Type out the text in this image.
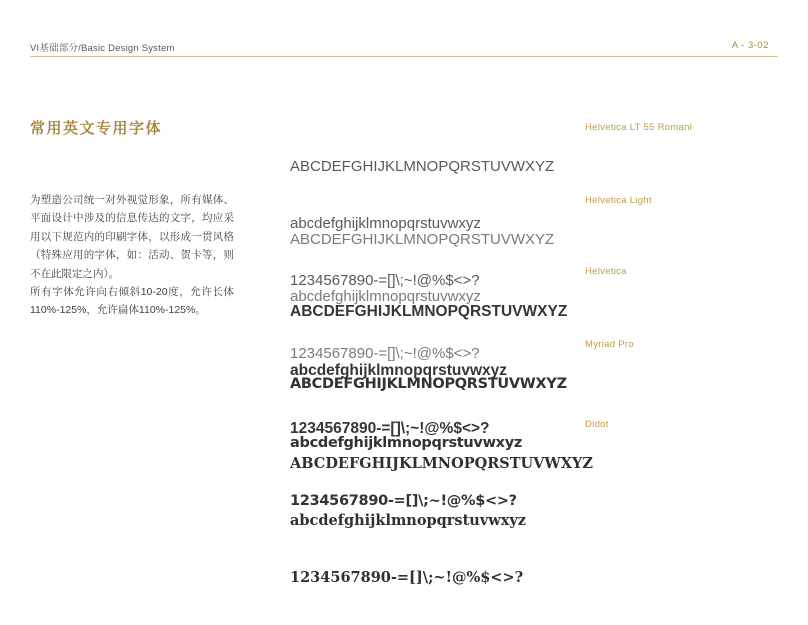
VI基础部分/Basic Design System	A - 3-02
常用英文专用字体

为塑造公司统一对外视觉形象，所有媒体、平面设计中涉及的信息传达的文字，均应采用以下规范内的印刷字体，以形成一贯风格（特殊应用的字体，如：活动、贺卡等，则不在此限定之内）。

所有字体允许向右倾斜10-20度，允许长体110%-125%，允许扁体110%-125%。

ABCDEFGHIJKLMNOPQRSTUVWXYZ

abcdefghijklmnopqrstuvwxyz

1234567890-=[]\;~!@%$<>?

Helvetica LT 55 Romanl

ABCDEFGHIJKLMNOPQRSTUVWXYZ

abcdefghijklmnopqrstuvwxyz

1234567890-=[]\;~!@%$<>?

Helvetica Light

ABCDEFGHIJKLMNOPQRSTUVWXYZ

abcdefghijklmnopqrstuvwxyz

1234567890-=[]\;~!@%$<>?

Helvetica

ABCDEFGHIJKLMNOPQRSTUVWXYZ

abcdefghijklmnopqrstuvwxyz

1234567890-=[]\;~!@%$<>?

Myriad Pro

ABCDEFGHIJKLMNOPQRSTUVWXYZ

abcdefghijklmnopqrstuvwxyz

1234567890-=[]\;~!@%$<>?

Didot
